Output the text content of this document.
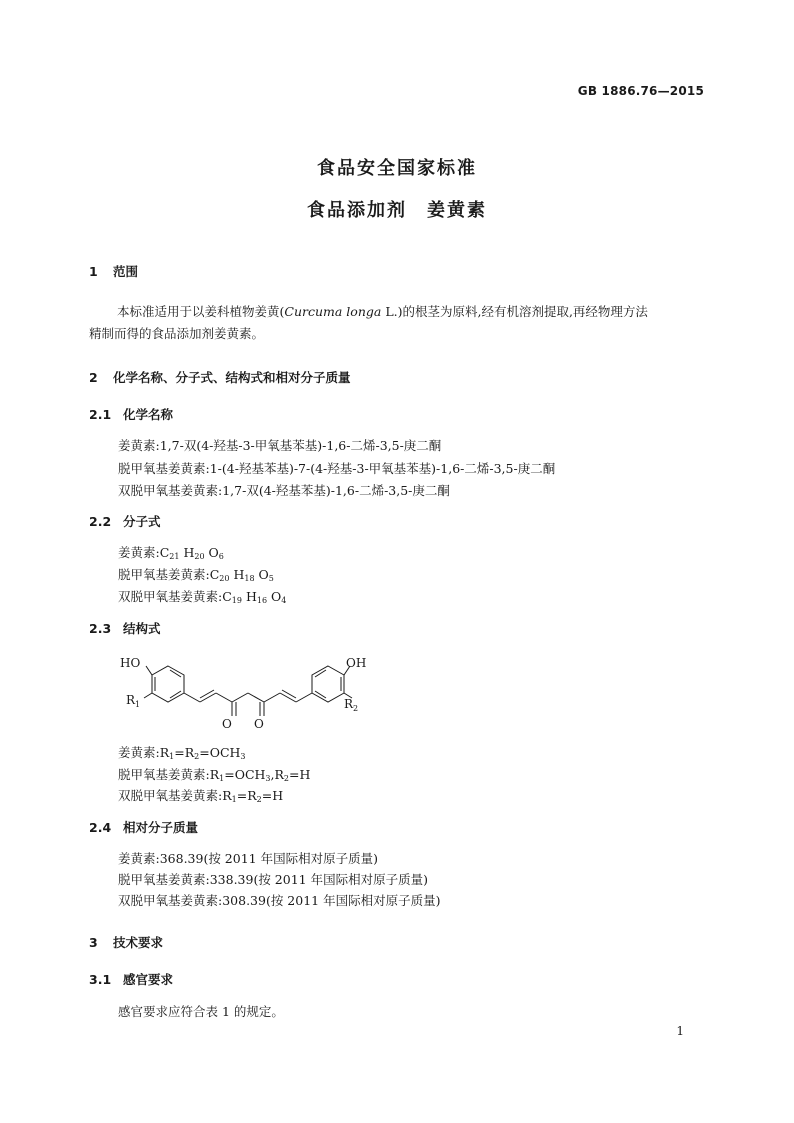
GB 1886.76—2015
食品安全国家标准
食品添加剂　姜黄素
1 范围
本标准适用于以姜科植物姜黄(Curcuma longa L.)的根茎为原料,经有机溶剂提取,再经物理方法
精制而得的食品添加剂姜黄素。
2 化学名称、分子式、结构式和相对分子质量
2.1 化学名称
姜黄素:1,7-双(4-羟基-3-甲氧基苯基)-1,6-二烯-3,5-庚二酮
脱甲氧基姜黄素:1-(4-羟基苯基)-7-(4-羟基-3-甲氧基苯基)-1,6-二烯-3,5-庚二酮
双脱甲氧基姜黄素:1,7-双(4-羟基苯基)-1,6-二烯-3,5-庚二酮
2.2 分子式
姜黄素$:C_{21}$ $H_{20}$ $O_6$
脱甲氧基姜黄素$:C_{20}$ $H_{18}$ $O_5$
双脱甲氧基姜黄素$:C_{19}$ $H_{16}$ $O_4$
2.3 结构式
HO
$R_1$
O O
OH
$R_2$
姜黄素$:R_1=R_2=OCH_3$
脱甲氧基姜黄素$:R_1=OCH_3,R_2=H$
双脱甲氧基姜黄素$:R_1=R_2=H$
2.4 相对分子质量
姜黄素:368.39(按 2011 年国际相对原子质量)
脱甲氧基姜黄素:338.39(按 2011 年国际相对原子质量)
双脱甲氧基姜黄素:308.39(按 2011 年国际相对原子质量)
3 技术要求
3.1 感官要求
感官要求应符合表 1 的规定。
1
